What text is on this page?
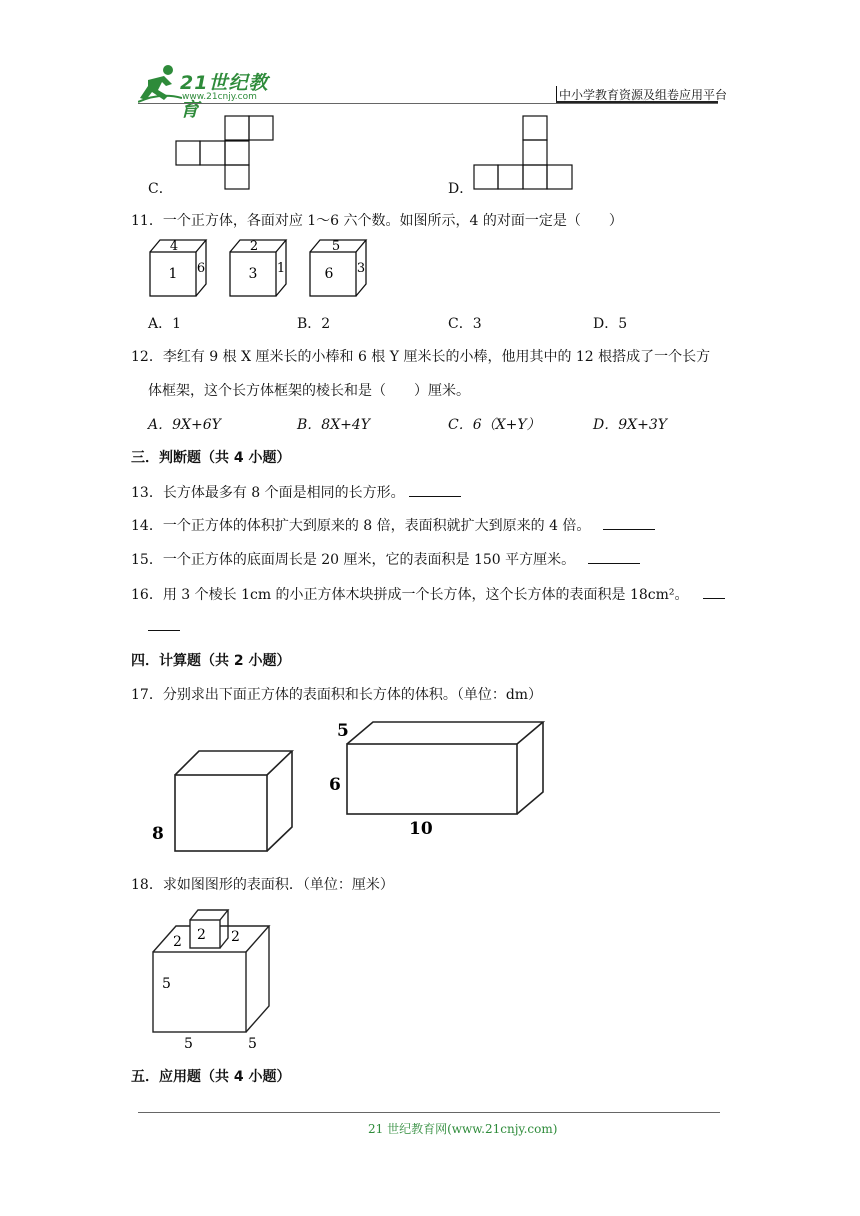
21世纪教育
www.21cnjy.com	中小学教育资源及组卷应用平台
C．	D．
11．一个正方体，各面对应 1～6 六个数。如图所示，4 的对面一定是（　　）
4
1 6
2
3 1
5
6 3
A．1	B．2	C．3	D．5
12．李红有 9 根 X 厘米长的小棒和 6 根 Y 厘米长的小棒，他用其中的 12 根搭成了一个长方
体框架，这个长方体框架的棱长和是（　　）厘米。
A．9X+6Y	B．8X+4Y	C．6（X+Y）	D．9X+3Y
三．判断题（共 4 小题）
13．长方体最多有 8 个面是相同的长方形。
14．一个正方体的体积扩大到原来的 8 倍，表面积就扩大到原来的 4 倍。
15．一个正方体的底面周长是 20 厘米，它的表面积是 150 平方厘米。
16．用 3 个棱长 1cm 的小正方体木块拼成一个长方体，这个长方体的表面积是 18cm²。
四．计算题（共 2 小题）
17．分别求出下面正方体的表面积和长方体的体积。（单位：dm）
8
5
6
10
18．求如图图形的表面积．（单位：厘米）
2
2	2
5
5	5
五．应用题（共 4 小题）
21 世纪教育网(www.21cnjy.com)
